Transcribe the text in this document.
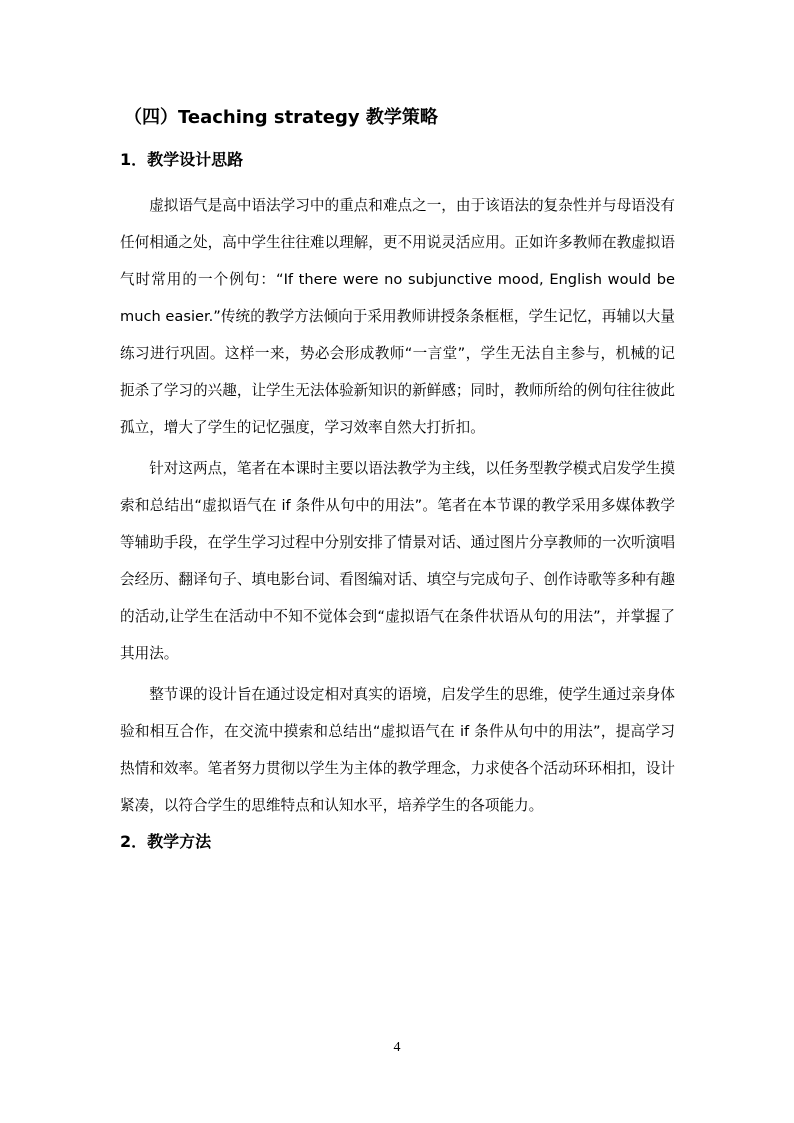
（四）Teaching strategy 教学策略
1．教学设计思路

虚拟语气是高中语法学习中的重点和难点之一，由于该语法的复杂性并与母语没有任何相通之处，高中学生往往难以理解，更不用说灵活应用。正如许多教师在教虚拟语气时常用的一个例句：“If there were no subjunctive mood, English would be much easier.”传统的教学方法倾向于采用教师讲授条条框框，学生记忆，再辅以大量练习进行巩固。这样一来，势必会形成教师“一言堂”，学生无法自主参与，机械的记扼杀了学习的兴趣，让学生无法体验新知识的新鲜感；同时，教师所给的例句往往彼此孤立，增大了学生的记忆强度，学习效率自然大打折扣。

针对这两点，笔者在本课时主要以语法教学为主线，以任务型教学模式启发学生摸索和总结出“虚拟语气在 if 条件从句中的用法”。笔者在本节课的教学采用多媒体教学等辅助手段，在学生学习过程中分别安排了情景对话、通过图片分享教师的一次听演唱会经历、翻译句子、填电影台词、看图编对话、填空与完成句子、创作诗歌等多种有趣的活动,让学生在活动中不知不觉体会到“虚拟语气在条件状语从句的用法”，并掌握了其用法。

整节课的设计旨在通过设定相对真实的语境，启发学生的思维，使学生通过亲身体验和相互合作，在交流中摸索和总结出“虚拟语气在 if 条件从句中的用法”，提高学习热情和效率。笔者努力贯彻以学生为主体的教学理念，力求使各个活动环环相扣，设计紧凑，以符合学生的思维特点和认知水平，培养学生的各项能力。

2．教学方法
4
